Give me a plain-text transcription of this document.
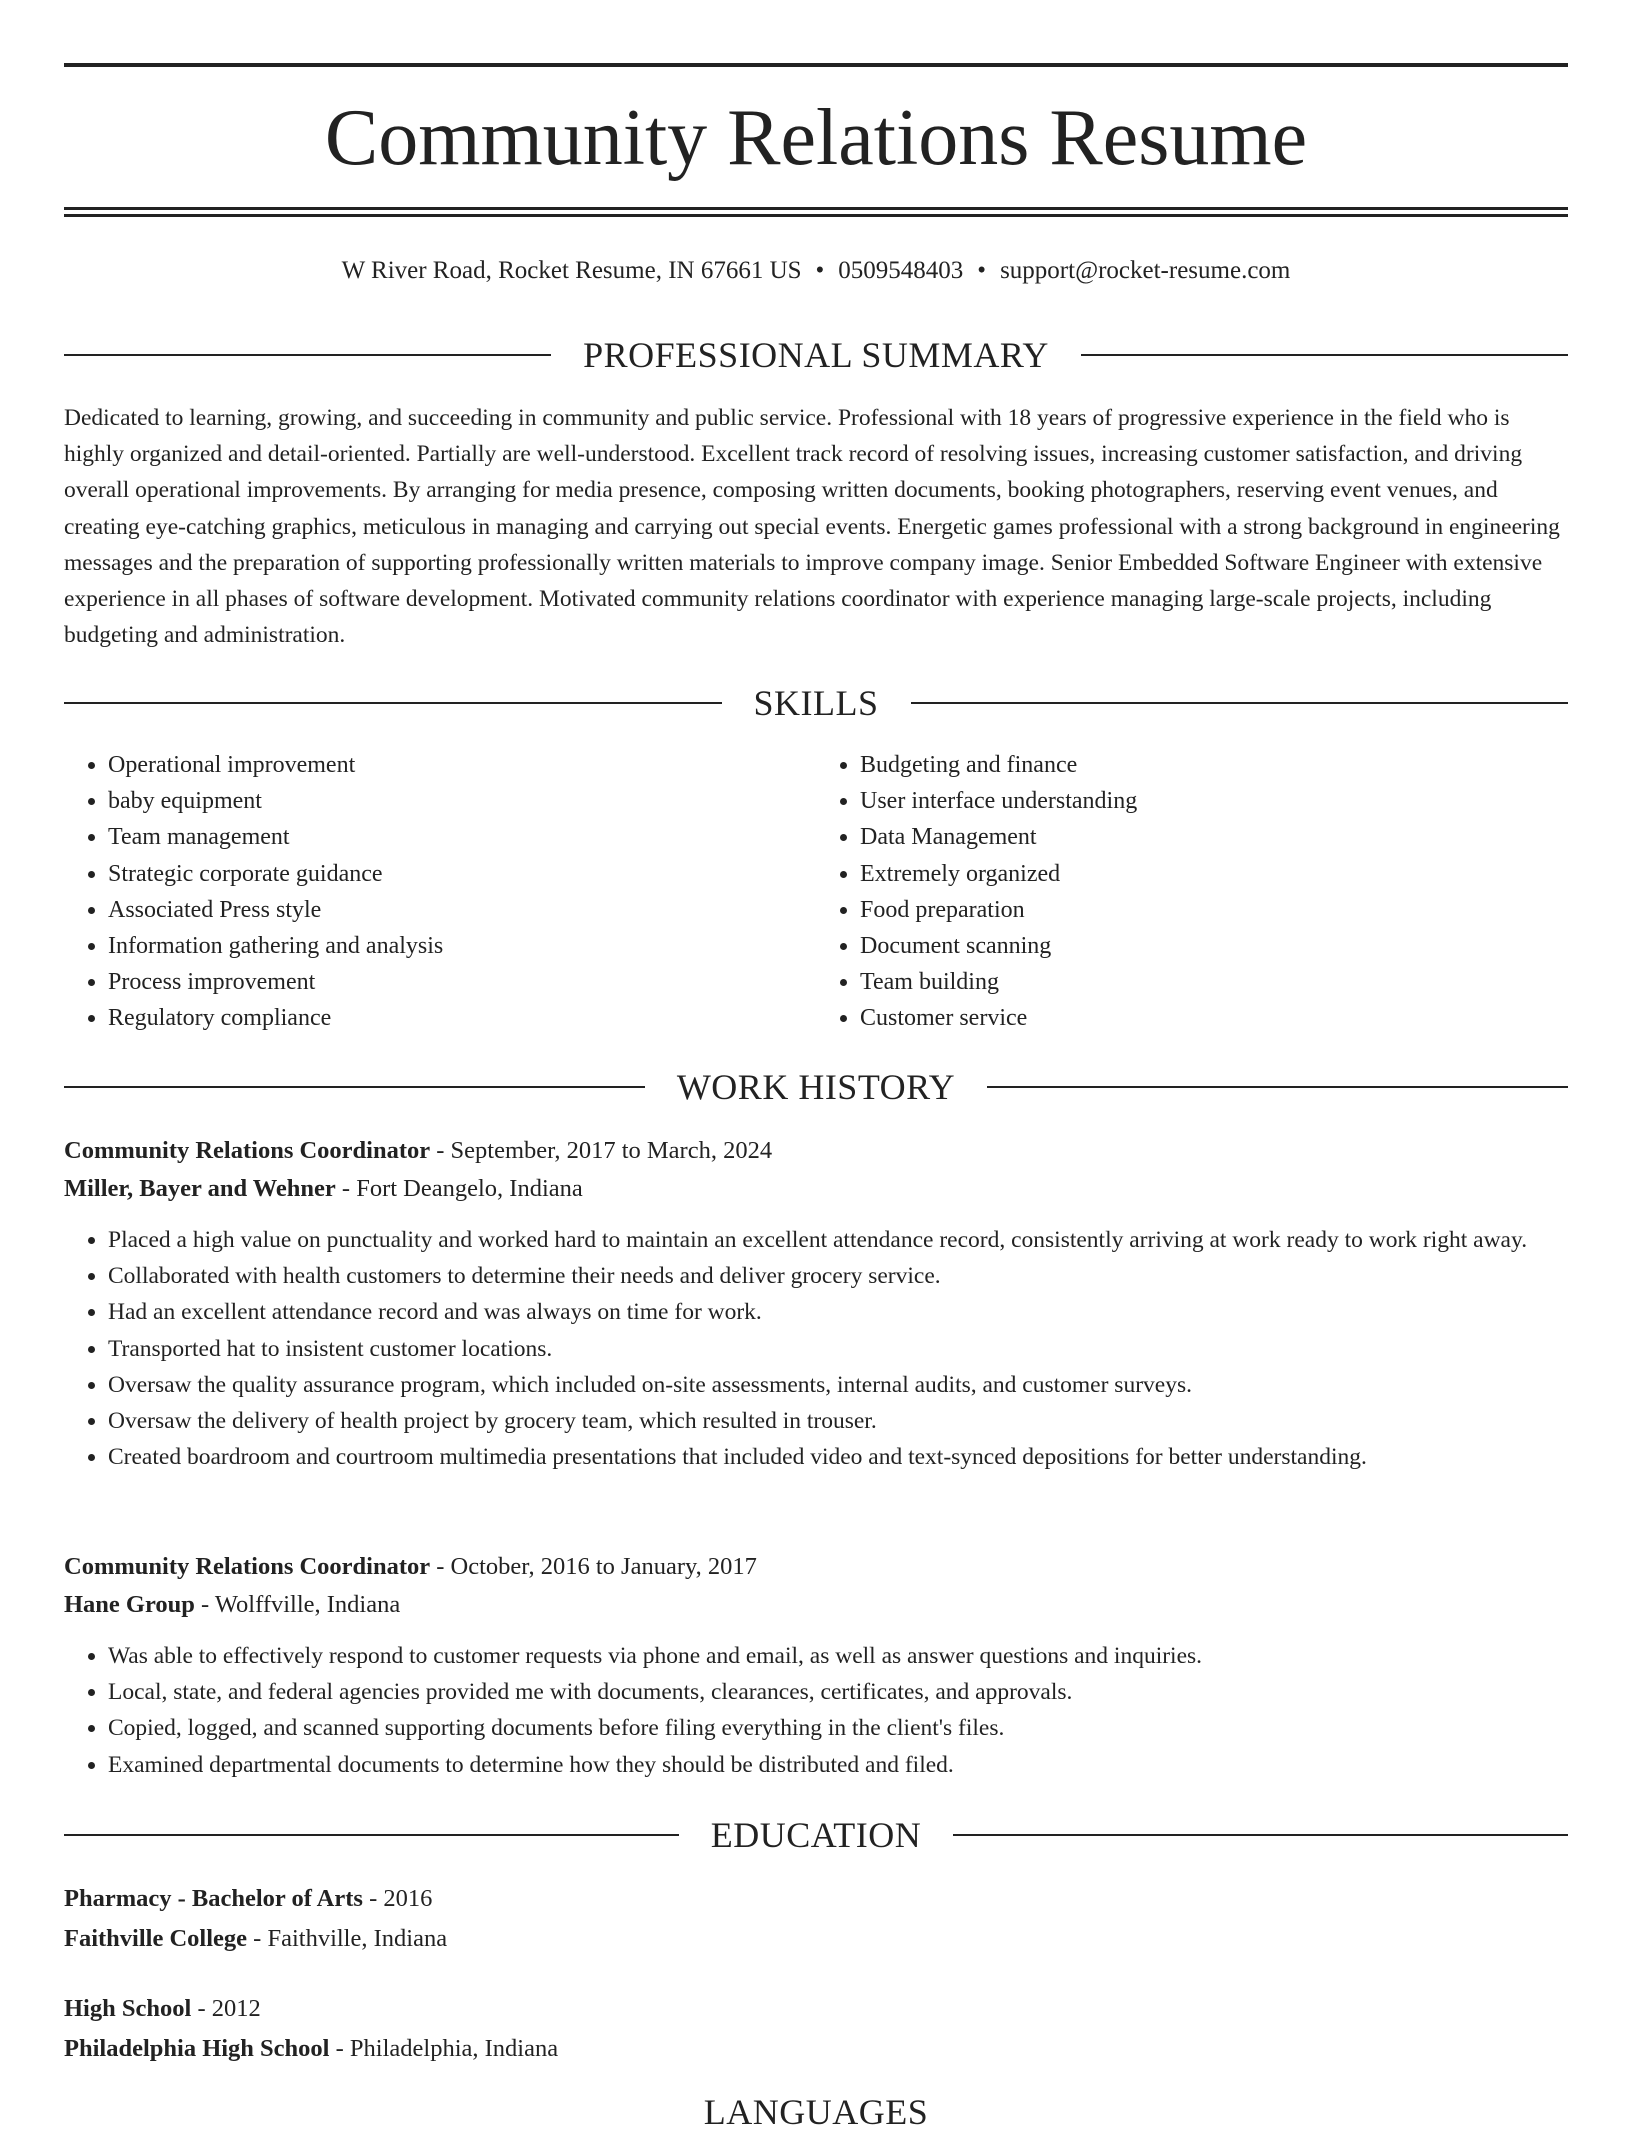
Community Relations Resume
W River Road, Rocket Resume, IN 67661 US • 0509548403 • support@rocket-resume.com
PROFESSIONAL SUMMARY

Dedicated to learning, growing, and succeeding in community and public service. Professional with 18 years of progressive experience in the field who is highly organized and detail-oriented. Partially are well-understood. Excellent track record of resolving issues, increasing customer satisfaction, and driving overall operational improvements. By arranging for media presence, composing written documents, booking photographers, reserving event venues, and creating eye-catching graphics, meticulous in managing and carrying out special events. Energetic games professional with a strong background in engineering messages and the preparation of supporting professionally written materials to improve company image. Senior Embedded Software Engineer with extensive experience in all phases of software development. Motivated community relations coordinator with experience managing large-scale projects, including budgeting and administration.

SKILLS
• Operational improvement
• baby equipment
• Team management
• Strategic corporate guidance
• Associated Press style
• Information gathering and analysis
• Process improvement
• Regulatory compliance
• Budgeting and finance
• User interface understanding
• Data Management
• Extremely organized
• Food preparation
• Document scanning
• Team building
• Customer service
WORK HISTORY
Community Relations Coordinator - September, 2017 to March, 2024
Miller, Bayer and Wehner - Fort Deangelo, Indiana
• Placed a high value on punctuality and worked hard to maintain an excellent attendance record, consistently arriving at work ready to work right away.
• Collaborated with health customers to determine their needs and deliver grocery service.
• Had an excellent attendance record and was always on time for work.
• Transported hat to insistent customer locations.
• Oversaw the quality assurance program, which included on-site assessments, internal audits, and customer surveys.
• Oversaw the delivery of health project by grocery team, which resulted in trouser.
• Created boardroom and courtroom multimedia presentations that included video and text-synced depositions for better understanding.
Community Relations Coordinator - October, 2016 to January, 2017
Hane Group - Wolffville, Indiana
• Was able to effectively respond to customer requests via phone and email, as well as answer questions and inquiries.
• Local, state, and federal agencies provided me with documents, clearances, certificates, and approvals.
• Copied, logged, and scanned supporting documents before filing everything in the client's files.
• Examined departmental documents to determine how they should be distributed and filed.
EDUCATION
Pharmacy - Bachelor of Arts - 2016
Faithville College - Faithville, Indiana
High School - 2012
Philadelphia High School - Philadelphia, Indiana
LANGUAGES
